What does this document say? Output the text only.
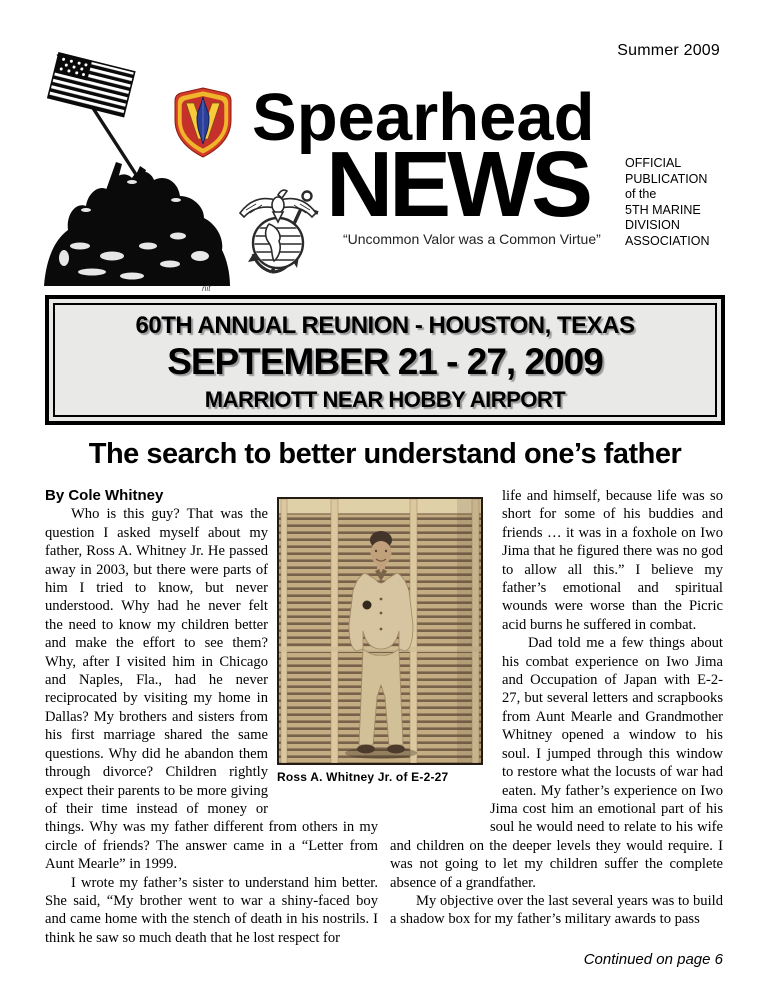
Summer 2009
nit
Spearhead
NEWS
“Uncommon Valor was a Common Virtue”
OFFICIAL
PUBLICATION
of the
5TH MARINE
DIVISION
ASSOCIATION
60TH ANNUAL REUNION - HOUSTON, TEXAS
SEPTEMBER 21 - 27, 2009
MARRIOTT NEAR HOBBY AIRPORT
The search to better understand one’s father

By Cole Whitney

Who is this guy? That was the question I asked myself about my father, Ross A. Whitney Jr. He passed away in 2003, but there were parts of him I tried to know, but never understood. Why had he never felt the need to know my children better and make the effort to see them? Why, after I visited him in Chicago and Naples, Fla., had he never reciprocated by visiting my home in Dallas? My brothers and sisters from his first marriage shared the same questions. Why did he abandon them through divorce? Children rightly expect their parents to be more giving of their time instead of money or things. Why was my father different from others in my circle of friends? The answer came in a “Letter from Aunt Mearle” in 1999.

I wrote my father’s sister to understand him better. She said, “My brother went to war a shiny-faced boy and came home with the stench of death in his nostrils. I think he saw so much death that he lost respect for

life and himself, because life was so short for some of his buddies and friends … it was in a foxhole on Iwo Jima that he figured there was no god to allow all this.” I believe my father’s emotional and spiritual wounds were worse than the Picric acid burns he suffered in combat.

Dad told me a few things about his combat experience on Iwo Jima and Occupation of Japan with E-2-27, but several letters and scrapbooks from Aunt Mearle and Grandmother Whitney opened a window to his soul. I jumped through this window to restore what the locusts of war had eaten. My father’s experience on Iwo Jima cost him an emotional part of his soul he would need to relate to his wife and children on the deeper levels they would require. I was not going to let my children suffer the complete absence of a grandfather.

My objective over the last several years was to build a shadow box for my father’s military awards to pass

Continued on page 6
Ross A. Whitney Jr. of E-2-27
